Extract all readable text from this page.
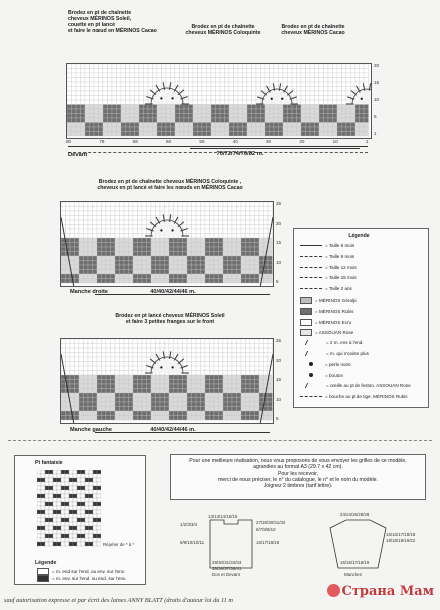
Brodez en pt de chaînette
cheveux MÉRINOS Soleil,
couette en pt lancé
et faire le nœud en MÉRINOS Cacao
Brodez en pt de chaînette
cheveux MÉRINOS Coloquinte
Brodez en pt de chaînette
cheveux MÉRINOS Cacao
20
15
10
5
1
80	79	68	60	50	40	30	20	10	1
Devant	70/72/74/76/82 m.
Brodez en pt de chaînette cheveux MÉRINOS Coloquinte ,
cheveux en pt lancé et faire les nœuds en MÉRINOS Cacao
25
20
15
10
5
Manche droite	40/40/42/44/46 m.
Brodez en pt lancé cheveux MÉRINOS Soleil
et faire 3 petites franges sur le front
25
20
15
10
5
Manche gauche	40/40/42/44/46 m.
Légende
= Taille 6 mois
= Taille 9 mois
= Taille 12 mois
= Taille 18 mois
= Taille 2 ans
= MÉRINOS Géralpi
= MÉRINOS Rubis
= MÉRINOS Ecru
= ASSOUAN Rose
= 2 m. ens à l'end.
= m. qui n'existe plus
= perle noire
= bouton
= oreille au pt de feston, ASSOUAN Rose
= bouche au pt de tige, MÉRINOS Rubis
Pt fantaisie
Répéter de * à *
Légende
= m. end sur l'end. ou env. sur l'env.
= m. env. sur l'end. ou end. sur l'env.
Pour une meilleure réalisation, nous vous proposons de vous envoyer les grilles de ce modèle,
agrandies au format A3 (29.7 x 42 cm).
Pour les recevoir,
merci de nous préciser, le n° du catalogue, le n° et le nom du modèle.
Joignez 2 timbres (tarif lettre).
13/13/14/15/16
27/28/30/31/32
6/7/8/9/10
16/17/18/19
1/2/3/3/4
9/9/10/10/11
29/30/31/33/33
35/36/37/38/41
Dos et Devant
24/24/26/28/28
16/16/17/18/18
18/18/19/19/22
16/16/17/18/19
Manches
sauf autorisation expresse et par écrit des laines ANNY BLATT (droits d'auteur loi du 11 m
Страна Мам
